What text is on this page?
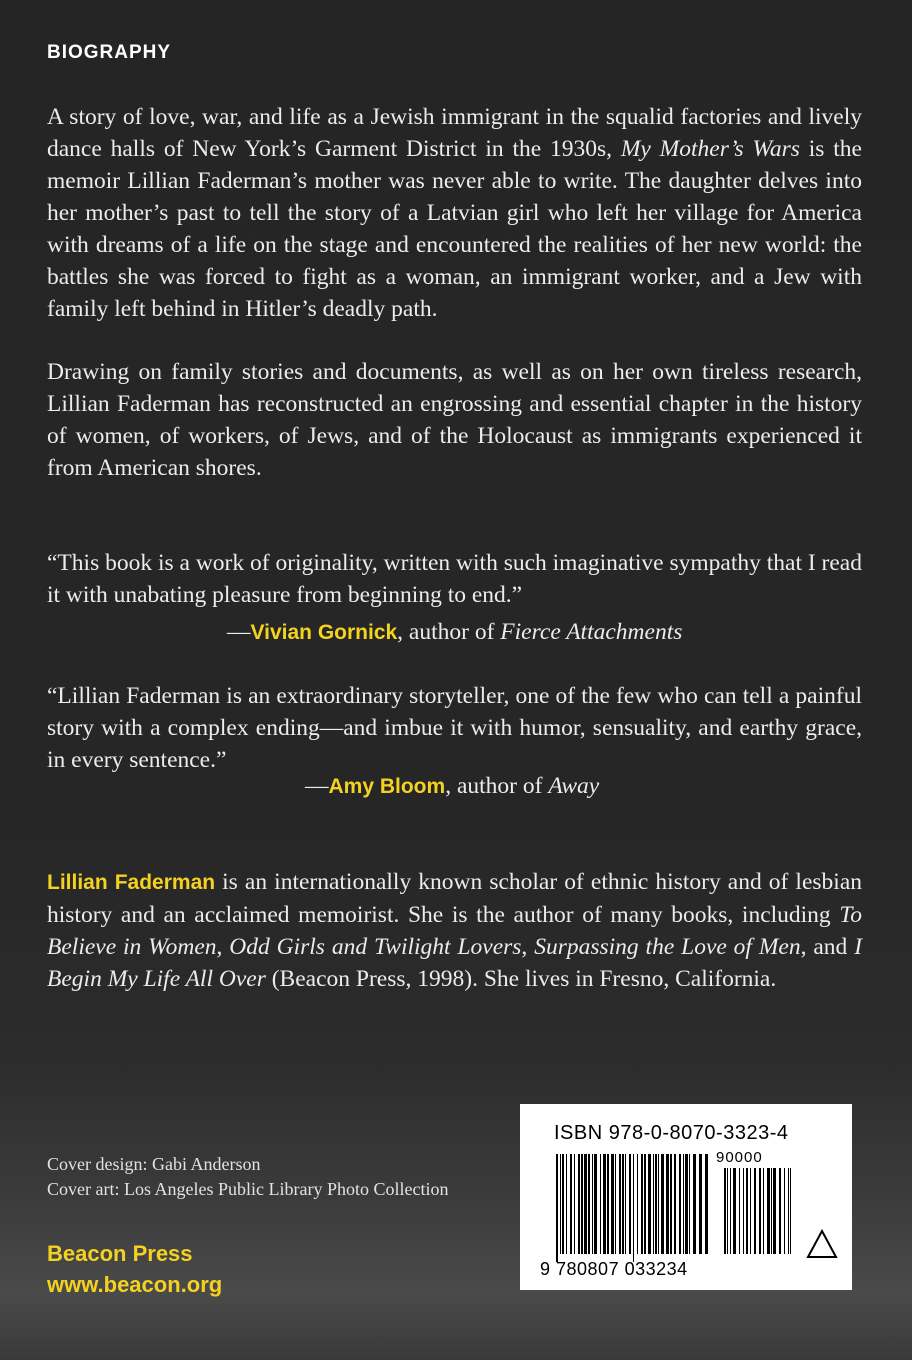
BIOGRAPHY

A story of love, war, and life as a Jewish immigrant in the squalid factories and lively dance halls of New York’s Garment District in the 1930s, My Mother’s Wars is the memoir Lillian Faderman’s mother was never able to write. The daughter delves into her mother’s past to tell the story of a Latvian girl who left her village for America with dreams of a life on the stage and encountered the realities of her new world: the battles she was forced to fight as a woman, an immigrant worker, and a Jew with family left behind in Hitler’s deadly path.

Drawing on family stories and documents, as well as on her own tireless research, Lillian Faderman has reconstructed an engrossing and essential chapter in the history of women, of workers, of Jews, and of the Holocaust as immigrants experienced it from American shores.

“This book is a work of originality, written with such imaginative sympathy that I read it with unabating pleasure from beginning to end.”

—Vivian Gornick, author of Fierce Attachments

“Lillian Faderman is an extraordinary storyteller, one of the few who can tell a painful story with a complex ending—and imbue it with humor, sensuality, and earthy grace, in every sentence.”

—Amy Bloom, author of Away

Lillian Faderman is an internationally known scholar of ethnic history and of lesbian history and an acclaimed memoirist. She is the author of many books, including To Believe in Women, Odd Girls and Twilight Lovers, Surpassing the Love of Men, and I Begin My Life All Over (Beacon Press, 1998). She lives in Fresno, California.

Cover design: Gabi Anderson
Cover art: Los Angeles Public Library Photo Collection
Beacon Press
www.beacon.org
ISBN 978-0-8070-3323-4
90000
9 780807 033234
